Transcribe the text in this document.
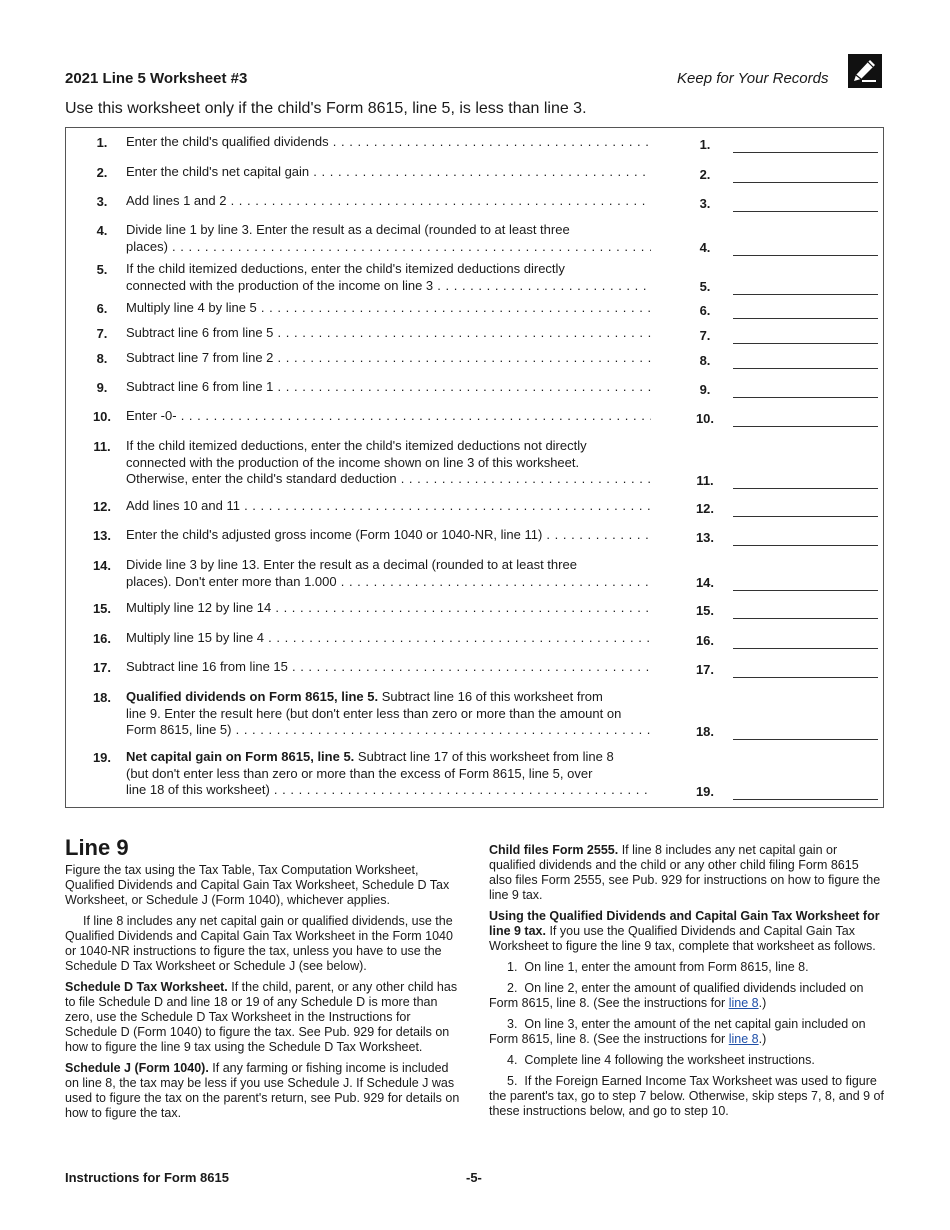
2021 Line 5 Worksheet #3	Keep for Your Records
Use this worksheet only if the child's Form 8615, line 5, is less than line 3.
1.	Enter the child's qualified dividends . . .	1.
2.	Enter the child's net capital gain . . .	2.
3.	Add lines 1 and 2 . . .	3.
4.	Divide line 1 by line 3. Enter the result as a decimal (rounded to at least three
places) . . .	4.
5.	If the child itemized deductions, enter the child's itemized deductions directly
connected with the production of the income on line 3 . . .	5.
6.	Multiply line 4 by line 5 . . .	6.
7.	Subtract line 6 from line 5 . . .	7.
8.	Subtract line 7 from line 2 . . .	8.
9.	Subtract line 6 from line 1 . . .	9.
10.	Enter -0- . . .	10.
11.	If the child itemized deductions, enter the child's itemized deductions not directly
connected with the production of the income shown on line 3 of this worksheet.
Otherwise, enter the child's standard deduction . . .	11.
12.	Add lines 10 and 11 . . .	12.
13.	Enter the child's adjusted gross income (Form 1040 or 1040-NR, line 11) . . .	13.
14.	Divide line 3 by line 13. Enter the result as a decimal (rounded to at least three
places). Don't enter more than 1.000 . . .	14.
15.	Multiply line 12 by line 14 . . .	15.
16.	Multiply line 15 by line 4 . . .	16.
17.	Subtract line 16 from line 15 . . .	17.
18.	Qualified dividends on Form 8615, line 5. Subtract line 16 of this worksheet from
line 9. Enter the result here (but don't enter less than zero or more than the amount on
Form 8615, line 5) . . .	18.
19.	Net capital gain on Form 8615, line 5. Subtract line 17 of this worksheet from line 8
(but don't enter less than zero or more than the excess of Form 8615, line 5, over
line 18 of this worksheet) . . .	19.
Line 9

Figure the tax using the Tax Table, Tax Computation Worksheet, Qualified Dividends and Capital Gain Tax Worksheet, Schedule D Tax Worksheet, or Schedule J (Form 1040), whichever applies.

If line 8 includes any net capital gain or qualified dividends, use the Qualified Dividends and Capital Gain Tax Worksheet in the Form 1040 or 1040-NR instructions to figure the tax, unless you have to use the Schedule D Tax Worksheet or Schedule J (see below).

Schedule D Tax Worksheet. If the child, parent, or any other child has to file Schedule D and line 18 or 19 of any Schedule D is more than zero, use the Schedule D Tax Worksheet in the Instructions for Schedule D (Form 1040) to figure the tax. See Pub. 929 for details on how to figure the line 9 tax using the Schedule D Tax Worksheet.

Schedule J (Form 1040). If any farming or fishing income is included on line 8, the tax may be less if you use Schedule J. If Schedule J was used to figure the tax on the parent's return, see Pub. 929 for details on how to figure the tax.

Child files Form 2555. If line 8 includes any net capital gain or qualified dividends and the child or any other child filing Form 8615 also files Form 2555, see Pub. 929 for instructions on how to figure the line 9 tax.

Using the Qualified Dividends and Capital Gain Tax Worksheet for line 9 tax. If you use the Qualified Dividends and Capital Gain Tax Worksheet to figure the line 9 tax, complete that worksheet as follows.

1.  On line 1, enter the amount from Form 8615, line 8.

2.  On line 2, enter the amount of qualified dividends included on Form 8615, line 8. (See the instructions for line 8.)

3.  On line 3, enter the amount of the net capital gain included on Form 8615, line 8. (See the instructions for line 8.)

4.  Complete line 4 following the worksheet instructions.

5.  If the Foreign Earned Income Tax Worksheet was used to figure the parent's tax, go to step 7 below. Otherwise, skip steps 7, 8, and 9 of these instructions below, and go to step 10.

Instructions for Form 8615	-5-
